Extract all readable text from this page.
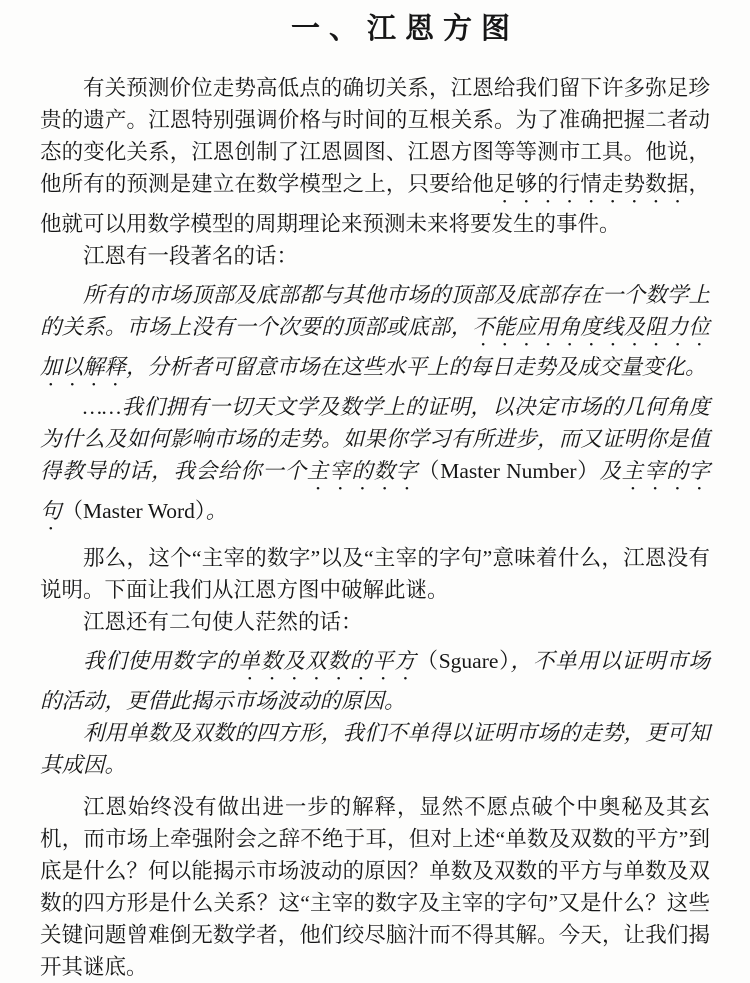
一、江恩方图

有关预测价位走势高低点的确切关系，江恩给我们留下许多弥足珍贵的遗产。江恩特别强调价格与时间的互根关系。为了准确把握二者动态的变化关系，江恩创制了江恩圆图、江恩方图等等测市工具。他说，他所有的预测是建立在数学模型之上，只要给他足够的行情走势数据，他就可以用数学模型的周期理论来预测未来将要发生的事件。

江恩有一段著名的话：

所有的市场顶部及底部都与其他市场的顶部及底部存在一个数学上的关系。市场上没有一个次要的顶部或底部，不能应用角度线及阻力位加以解释，分析者可留意市场在这些水平上的每日走势及成交量变化。

……我们拥有一切天文学及数学上的证明，以决定市场的几何角度为什么及如何影响市场的走势。如果你学习有所进步，而又证明你是值得教导的话，我会给你一个主宰的数字（Master Number）及主宰的字句（Master Word）。

那么，这个“主宰的数字”以及“主宰的字句”意味着什么，江恩没有说明。下面让我们从江恩方图中破解此谜。

江恩还有二句使人茫然的话：

我们使用数字的单数及双数的平方（Sguare），不单用以证明市场的活动，更借此揭示市场波动的原因。

利用单数及双数的四方形，我们不单得以证明市场的走势，更可知其成因。

江恩始终没有做出进一步的解释，显然不愿点破个中奥秘及其玄机，而市场上牵强附会之辞不绝于耳，但对上述“单数及双数的平方”到底是什么？何以能揭示市场波动的原因？单数及双数的平方与单数及双数的四方形是什么关系？这“主宰的数字及主宰的字句”又是什么？这些关键问题曾难倒无数学者，他们绞尽脑汁而不得其解。今天，让我们揭开其谜底。
